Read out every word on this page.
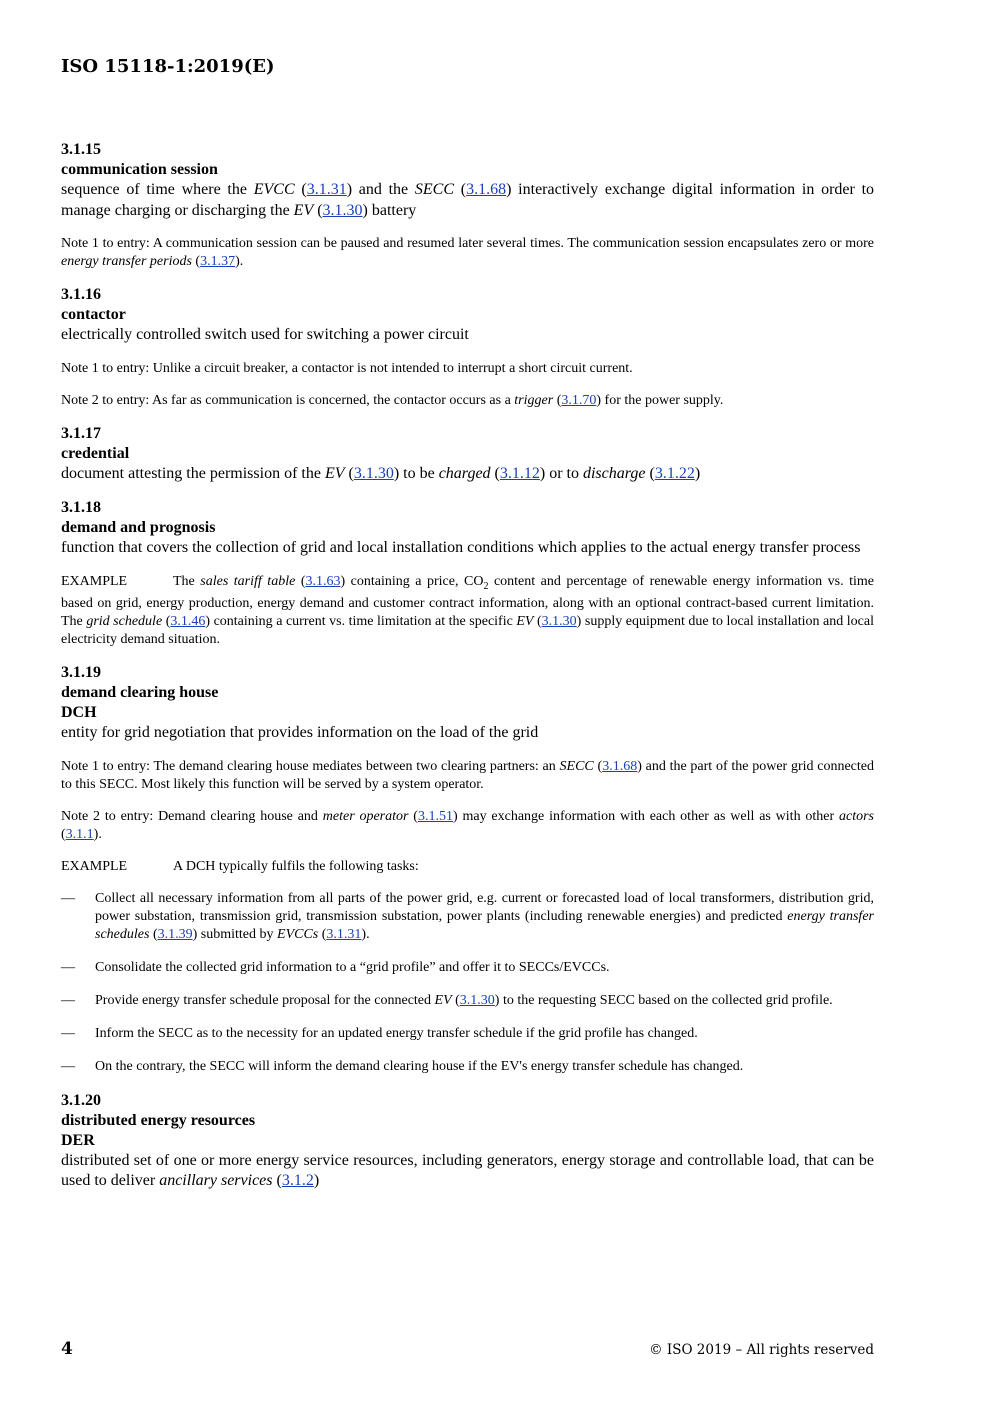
ISO 15118-1:2019(E)
3.1.15
communication session
sequence of time where the EVCC (3.1.31) and the SECC (3.1.68) interactively exchange digital information in order to manage charging or discharging the EV (3.1.30) battery
Note 1 to entry: A communication session can be paused and resumed later several times. The communication session encapsulates zero or more energy transfer periods (3.1.37).
3.1.16
contactor
electrically controlled switch used for switching a power circuit
Note 1 to entry: Unlike a circuit breaker, a contactor is not intended to interrupt a short circuit current.
Note 2 to entry: As far as communication is concerned, the contactor occurs as a trigger (3.1.70) for the power supply.
3.1.17
credential
document attesting the permission of the EV (3.1.30) to be charged (3.1.12) or to discharge (3.1.22)
3.1.18
demand and prognosis
function that covers the collection of grid and local installation conditions which applies to the actual energy transfer process
EXAMPLE	The sales tariff table (3.1.63) containing a price, $CO_2$ content and percentage of renewable energy information vs. time based on grid, energy production, energy demand and customer contract information, along with an optional contract-based current limitation. The grid schedule (3.1.46) containing a current vs. time limitation at the specific EV (3.1.30) supply equipment due to local installation and local electricity demand situation.
3.1.19
demand clearing house
DCH
entity for grid negotiation that provides information on the load of the grid
Note 1 to entry: The demand clearing house mediates between two clearing partners: an SECC (3.1.68) and the part of the power grid connected to this SECC. Most likely this function will be served by a system operator.
Note 2 to entry: Demand clearing house and meter operator (3.1.51) may exchange information with each other as well as with other actors (3.1.1).
EXAMPLE	A DCH typically fulfils the following tasks:
— Collect all necessary information from all parts of the power grid, e.g. current or forecasted load of local transformers, distribution grid, power substation, transmission grid, transmission substation, power plants (including renewable energies) and predicted energy transfer schedules (3.1.39) submitted by EVCCs (3.1.31).
— Consolidate the collected grid information to a “grid profile” and offer it to SECCs/EVCCs.
— Provide energy transfer schedule proposal for the connected EV (3.1.30) to the requesting SECC based on the collected grid profile.
— Inform the SECC as to the necessity for an updated energy transfer schedule if the grid profile has changed.
— On the contrary, the SECC will inform the demand clearing house if the EV's energy transfer schedule has changed.
3.1.20
distributed energy resources
DER
distributed set of one or more energy service resources, including generators, energy storage and controllable load, that can be used to deliver ancillary services (3.1.2)
4	© ISO 2019 – All rights reserved
